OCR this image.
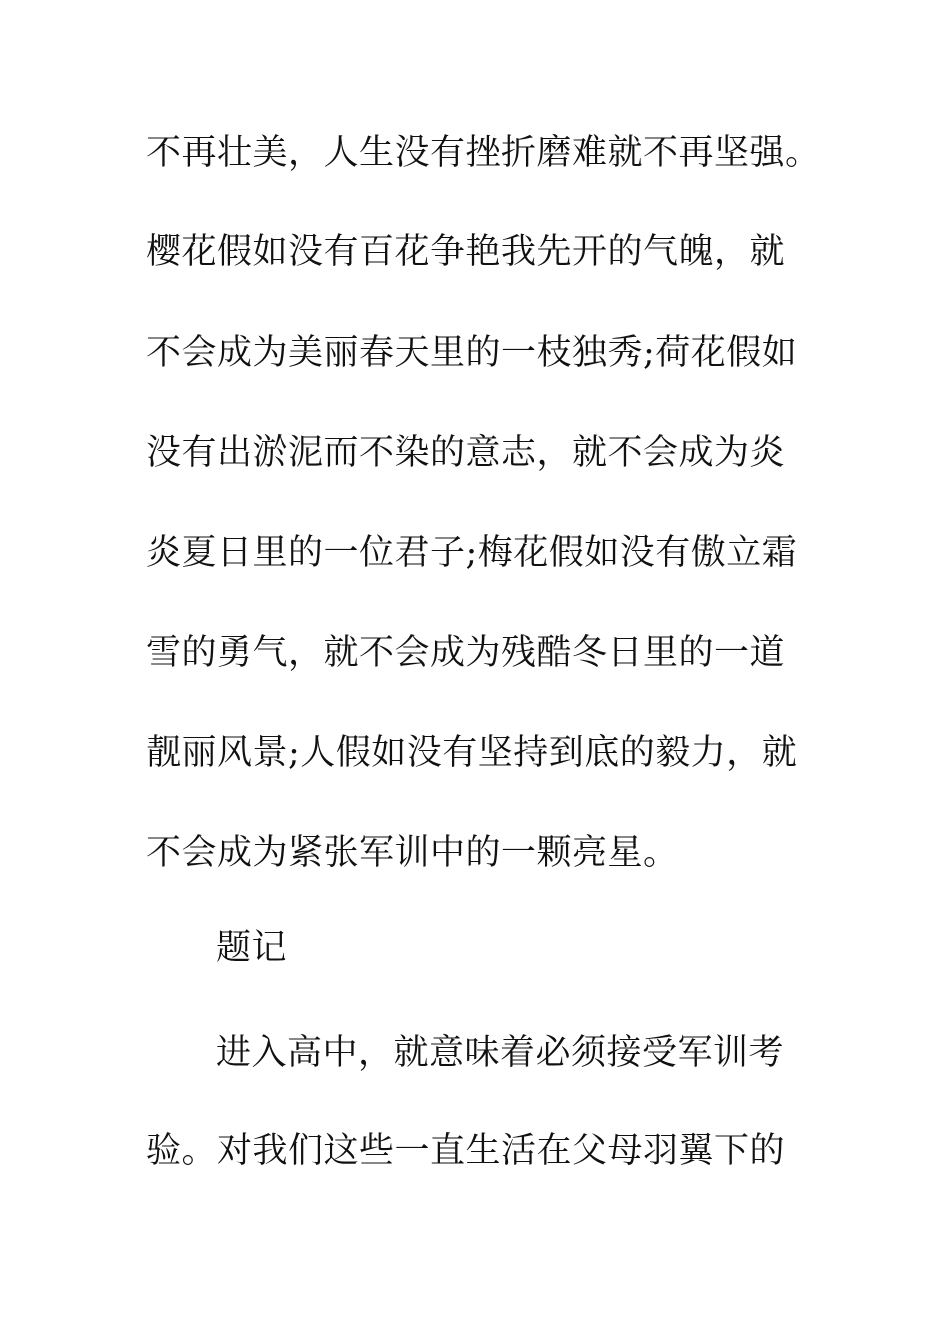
不再壮美，人生没有挫折磨难就不再坚强。
樱花假如没有百花争艳我先开的气魄，就
不会成为美丽春天里的一枝独秀;荷花假如
没有出淤泥而不染的意志，就不会成为炎
炎夏日里的一位君子;梅花假如没有傲立霜
雪的勇气，就不会成为残酷冬日里的一道
靓丽风景;人假如没有坚持到底的毅力，就
不会成为紧张军训中的一颗亮星。
题记
进入高中，就意味着必须接受军训考
验。对我们这些一直生活在父母羽翼下的
